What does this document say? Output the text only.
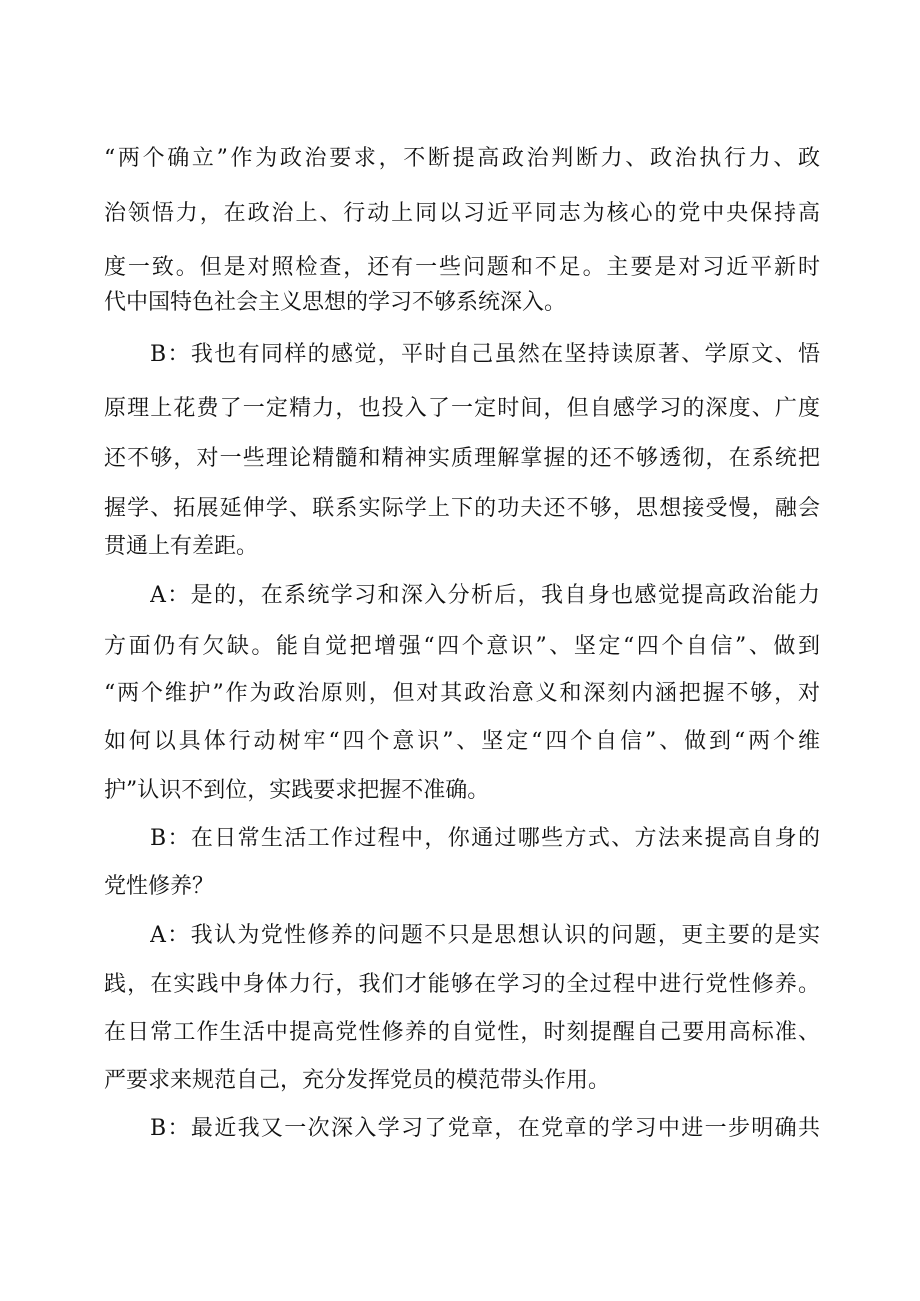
“两个确立”作为政治要求，不断提高政治判断力、政治执行力、政
治领悟力，在政治上、行动上同以习近平同志为核心的党中央保持高
度一致。但是对照检查，还有一些问题和不足。主要是对习近平新时
代中国特色社会主义思想的学习不够系统深入。
B：我也有同样的感觉，平时自己虽然在坚持读原著、学原文、悟
原理上花费了一定精力，也投入了一定时间，但自感学习的深度、广度
还不够，对一些理论精髓和精神实质理解掌握的还不够透彻，在系统把
握学、拓展延伸学、联系实际学上下的功夫还不够，思想接受慢，融会
贯通上有差距。
A：是的，在系统学习和深入分析后，我自身也感觉提高政治能力
方面仍有欠缺。能自觉把增强“四个意识”、坚定“四个自信”、做到
“两个维护”作为政治原则，但对其政治意义和深刻内涵把握不够，对
如何以具体行动树牢“四个意识”、坚定“四个自信”、做到“两个维
护”认识不到位，实践要求把握不准确。
B：在日常生活工作过程中，你通过哪些方式、方法来提高自身的
党性修养？
A：我认为党性修养的问题不只是思想认识的问题，更主要的是实
践，在实践中身体力行，我们才能够在学习的全过程中进行党性修养。
在日常工作生活中提高党性修养的自觉性，时刻提醒自己要用高标准、
严要求来规范自己，充分发挥党员的模范带头作用。
B：最近我又一次深入学习了党章，在党章的学习中进一步明确共
